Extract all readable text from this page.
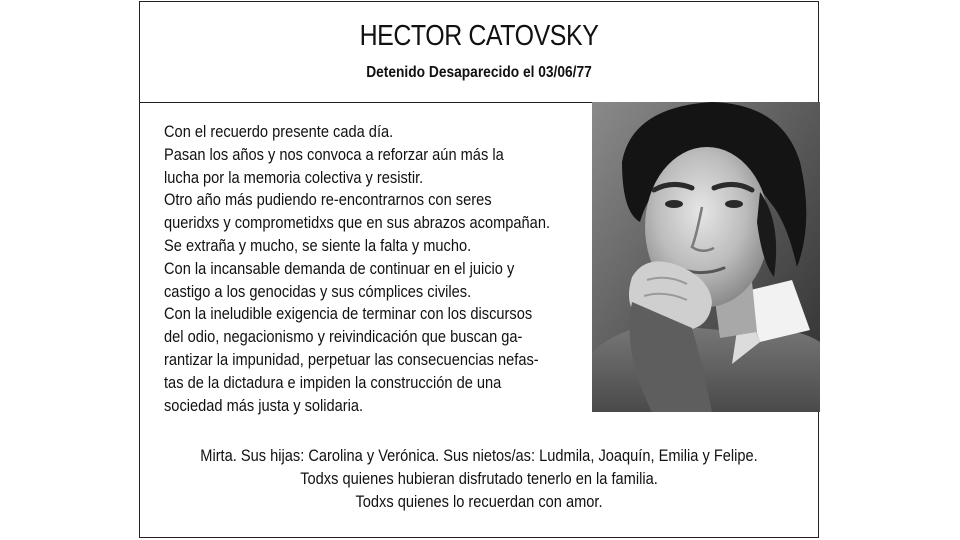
HECTOR CATOVSKY
Detenido Desaparecido el 03/06/77
Con el recuerdo presente cada día.
Pasan los años y nos convoca a reforzar aún más la
lucha por la memoria colectiva y resistir.
Otro año más pudiendo re-encontrarnos con seres
queridxs y comprometidxs que en sus abrazos acompañan.
Se extraña y mucho, se siente la falta y mucho.
Con la incansable demanda de continuar en el juicio y
castigo a los genocidas y sus cómplices civiles.
Con la ineludible exigencia de terminar con los discursos
del odio, negacionismo y reivindicación que buscan ga-
rantizar la impunidad, perpetuar las consecuencias nefas-
tas de la dictadura e impiden la construcción de una
sociedad más justa y solidaria.
Mirta. Sus hijas: Carolina y Verónica. Sus nietos/as: Ludmila, Joaquín, Emilia y Felipe.
Todxs quienes hubieran disfrutado tenerlo en la familia.
Todxs quienes lo recuerdan con amor.
